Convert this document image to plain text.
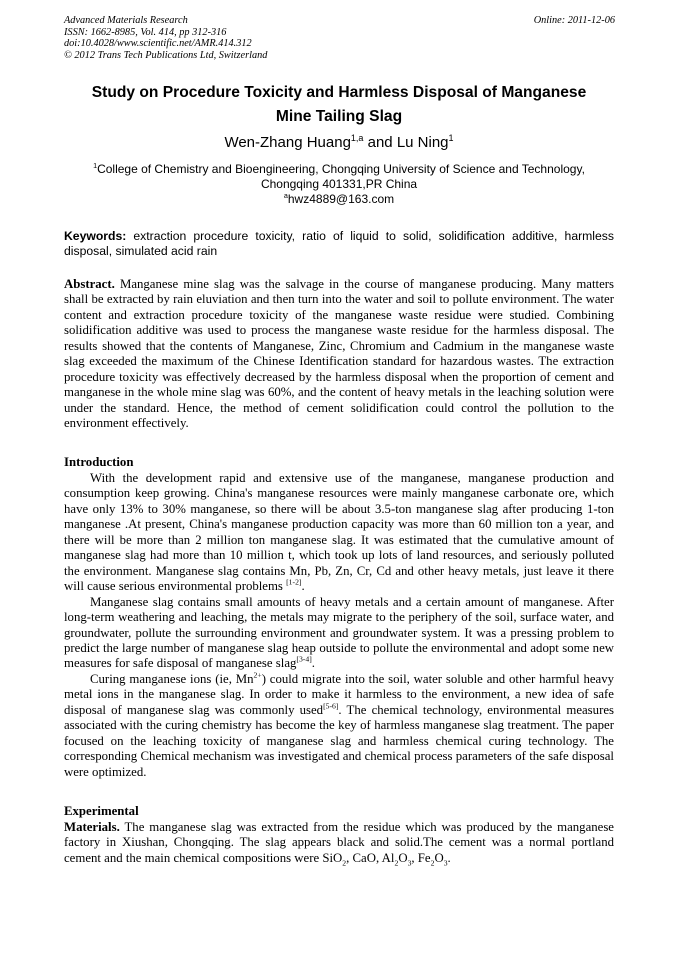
Advanced Materials Research
ISSN: 1662-8985, Vol. 414, pp 312-316
doi:10.4028/www.scientific.net/AMR.414.312
© 2012 Trans Tech Publications Ltd, Switzerland
Online: 2011-12-06
Study on Procedure Toxicity and Harmless Disposal of Manganese
Mine Tailing Slag
Wen-Zhang Huang$^{1,a}$ and Lu Ning$^1$
$^1$College of Chemistry and Bioengineering, Chongqing University of Science and Technology,
Chongqing 401331,PR China
$^a$hwz4889@163.com
Keywords: extraction procedure toxicity, ratio of liquid to solid, solidification additive, harmless disposal, simulated acid rain
Abstract. Manganese mine slag was the salvage in the course of manganese producing. Many matters shall be extracted by rain eluviation and then turn into the water and soil to pollute environment. The water content and extraction procedure toxicity of the manganese waste residue were studied. Combining solidification additive was used to process the manganese waste residue for the harmless disposal. The results showed that the contents of Manganese, Zinc, Chromium and Cadmium in the manganese waste slag exceeded the maximum of the Chinese Identification standard for hazardous wastes. The extraction procedure toxicity was effectively decreased by the harmless disposal when the proportion of cement and manganese in the whole mine slag was 60%, and the content of heavy metals in the leaching solution were under the standard. Hence, the method of cement solidification could control the pollution to the environment effectively.
Introduction

With the development rapid and extensive use of the manganese, manganese production and consumption keep growing. China's manganese resources were mainly manganese carbonate ore, which have only 13% to 30% manganese, so there will be about 3.5-ton manganese slag after producing 1-ton manganese .At present, China's manganese production capacity was more than 60 million ton a year, and there will be more than 2 million ton manganese slag. It was estimated that the cumulative amount of manganese slag had more than 10 million t, which took up lots of land resources, and seriously polluted the environment. Manganese slag contains Mn, Pb, Zn, Cr, Cd and other heavy metals, just leave it there will cause serious environmental problems [1-2].

Manganese slag contains small amounts of heavy metals and a certain amount of manganese. After long-term weathering and leaching, the metals may migrate to the periphery of the soil, surface water, and groundwater, pollute the surrounding environment and groundwater system. It was a pressing problem to predict the large number of manganese slag heap outside to pollute the environmental and adopt some new measures for safe disposal of manganese slag[3-4].

Curing manganese ions (ie, $Mn^{2+}$) could migrate into the soil, water soluble and other harmful heavy metal ions in the manganese slag. In order to make it harmless to the environment, a new idea of safe disposal of manganese slag was commonly used[5-6]. The chemical technology, environmental measures associated with the curing chemistry has become the key of harmless manganese slag treatment. The paper focused on the leaching toxicity of manganese slag and harmless chemical curing technology. The corresponding Chemical mechanism was investigated and chemical process parameters of the safe disposal were optimized.

Experimental
Materials. The manganese slag was extracted from the residue which was produced by the manganese factory in Xiushan, Chongqing. The slag appears black and solid.The cement was a normal portland cement and the main chemical compositions were SiO$_2$, CaO, $Al_2O_3$, $Fe_2O_3$.
